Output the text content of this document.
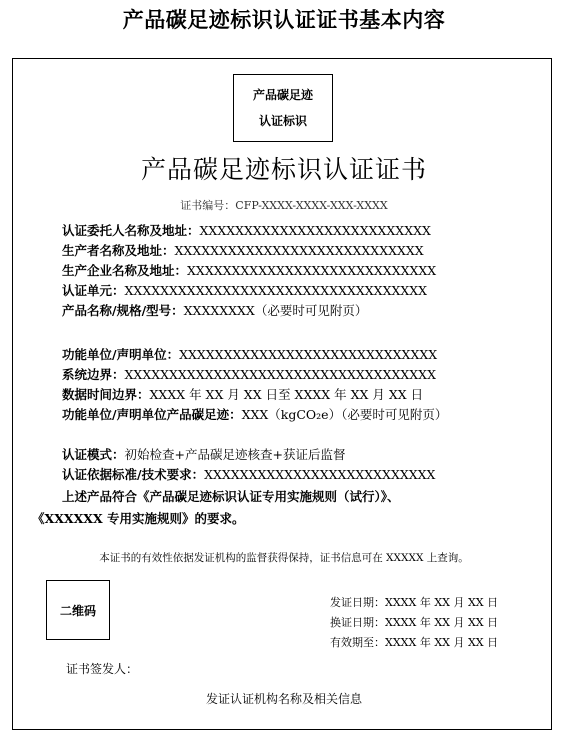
产品碳足迹标识认证证书基本内容
产品碳足迹
认证标识
产品碳足迹标识认证证书
证书编号：CFP-XXXX-XXXX-XXX-XXXX
认证委托人名称及地址：XXXXXXXXXXXXXXXXXXXXXXXXXX
生产者名称及地址：XXXXXXXXXXXXXXXXXXXXXXXXXXXX
生产企业名称及地址：XXXXXXXXXXXXXXXXXXXXXXXXXXXX
认证单元：XXXXXXXXXXXXXXXXXXXXXXXXXXXXXXXXXX
产品名称/规格/型号：XXXXXXXX（必要时可见附页）
功能单位/声明单位：XXXXXXXXXXXXXXXXXXXXXXXXXXXXX
系统边界：XXXXXXXXXXXXXXXXXXXXXXXXXXXXXXXXXXX
数据时间边界：XXXX 年 XX 月 XX 日至 XXXX 年 XX 月 XX 日
功能单位/声明单位产品碳足迹：XXX（kgCO₂e）（必要时可见附页）
认证模式：初始检查+产品碳足迹核查+获证后监督
认证依据标准/技术要求：XXXXXXXXXXXXXXXXXXXXXXXXXX
上述产品符合《产品碳足迹标识认证专用实施规则（试行）》、
《XXXXXX 专用实施规则》的要求。
本证书的有效性依据发证机构的监督获得保持，证书信息可在 XXXXX 上查询。
二维码
发证日期：XXXX 年 XX 月 XX 日
换证日期：XXXX 年 XX 月 XX 日
有效期至：XXXX 年 XX 月 XX 日
证书签发人：
发证认证机构名称及相关信息
